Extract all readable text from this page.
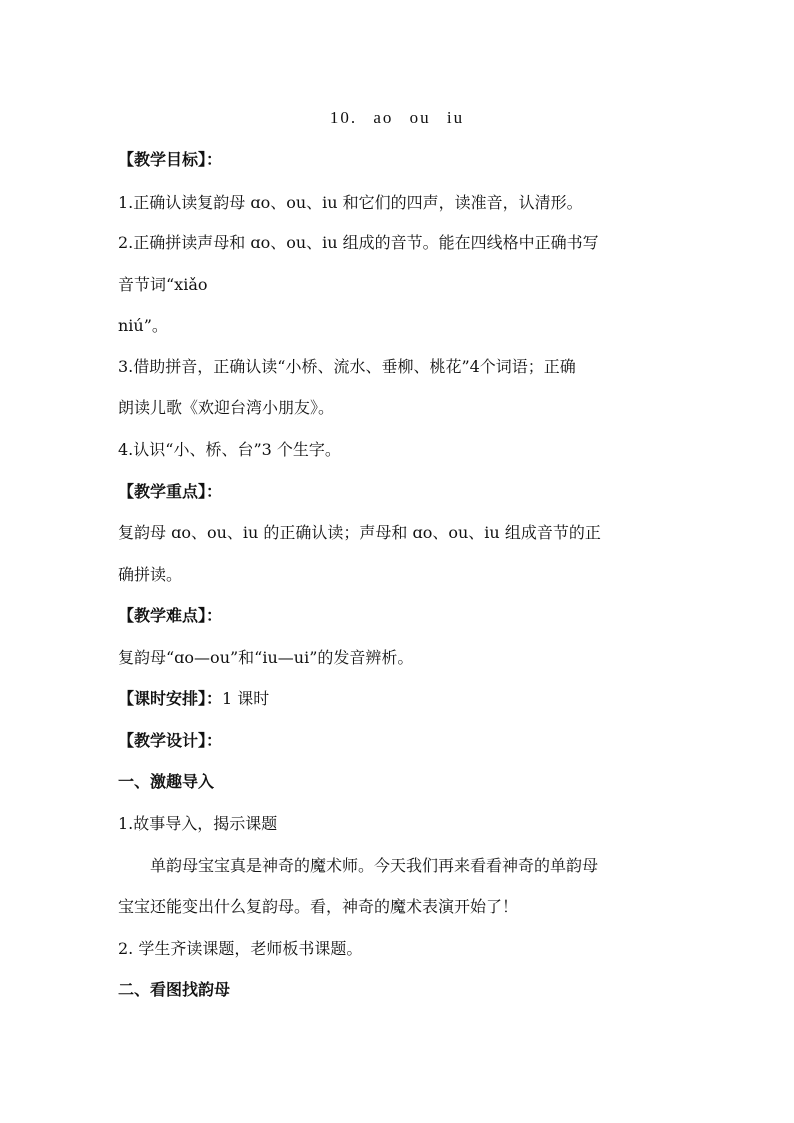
10. ao ou iu
【教学目标】：
1.正确认读复韵母 ɑo、ou、iu 和它们的四声，读准音，认清形。
2.正确拼读声母和 ɑo、ou、iu 组成的音节。能在四线格中正确书写
音节词“xiǎo
niú”。
3.借助拼音，正确认读“小桥、流水、垂柳、桃花”4个词语；正确
朗读儿歌《欢迎台湾小朋友》。
4.认识“小、桥、台”3 个生字。
【教学重点】：
复韵母 ɑo、ou、iu 的正确认读；声母和 ɑo、ou、iu 组成音节的正
确拼读。
【教学难点】：
复韵母“ɑo—ou”和“iu—ui”的发音辨析。
【课时安排】：1 课时
【教学设计】：
一、激趣导入
1.故事导入，揭示课题
单韵母宝宝真是神奇的魔术师。今天我们再来看看神奇的单韵母
宝宝还能变出什么复韵母。看，神奇的魔术表演开始了！
2. 学生齐读课题，老师板书课题。
二、看图找韵母
